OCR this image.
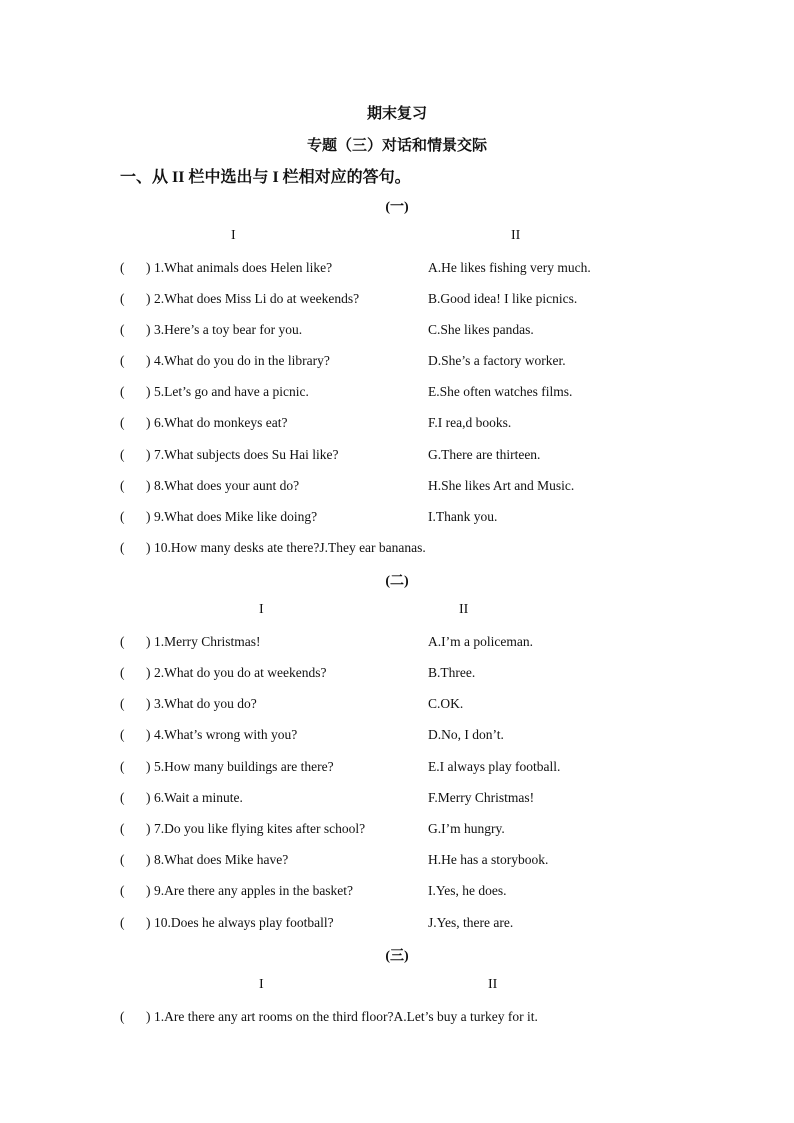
期末复习
专题（三）对话和情景交际
一、从 II 栏中选出与 I 栏相对应的答句。
(一)
I	II
( ) 1.What animals does Helen like?	A.He likes fishing very much.
( ) 2.What does Miss Li do at weekends?	B.Good idea! I like picnics.
( ) 3.Here’s a toy bear for you.	C.She likes pandas.
( ) 4.What do you do in the library?	D.She’s a factory worker.
( ) 5.Let’s go and have a picnic.	E.She often watches films.
( ) 6.What do monkeys eat?	F.I rea,d books.
( ) 7.What subjects does Su Hai like?	G.There are thirteen.
( ) 8.What does your aunt do?	H.She likes Art and Music.
( ) 9.What does Mike like doing?	I.Thank you.
( ) 10.How many desks ate there?J.They ear bananas.
(二)
I	II
( ) 1.Merry Christmas!	A.I’m a policeman.
( ) 2.What do you do at weekends?	B.Three.
( ) 3.What do you do?	C.OK.
( ) 4.What’s wrong with you?	D.No, I don’t.
( ) 5.How many buildings are there?	E.I always play football.
( ) 6.Wait a minute.	F.Merry Christmas!
( ) 7.Do you like flying kites after school?	G.I’m hungry.
( ) 8.What does Mike have?	H.He has a storybook.
( ) 9.Are there any apples in the basket?	I.Yes, he does.
( ) 10.Does he always play football?	J.Yes, there are.
(三)
I	II
( ) 1.Are there any art rooms on the third floor?A.Let’s buy a turkey for it.
